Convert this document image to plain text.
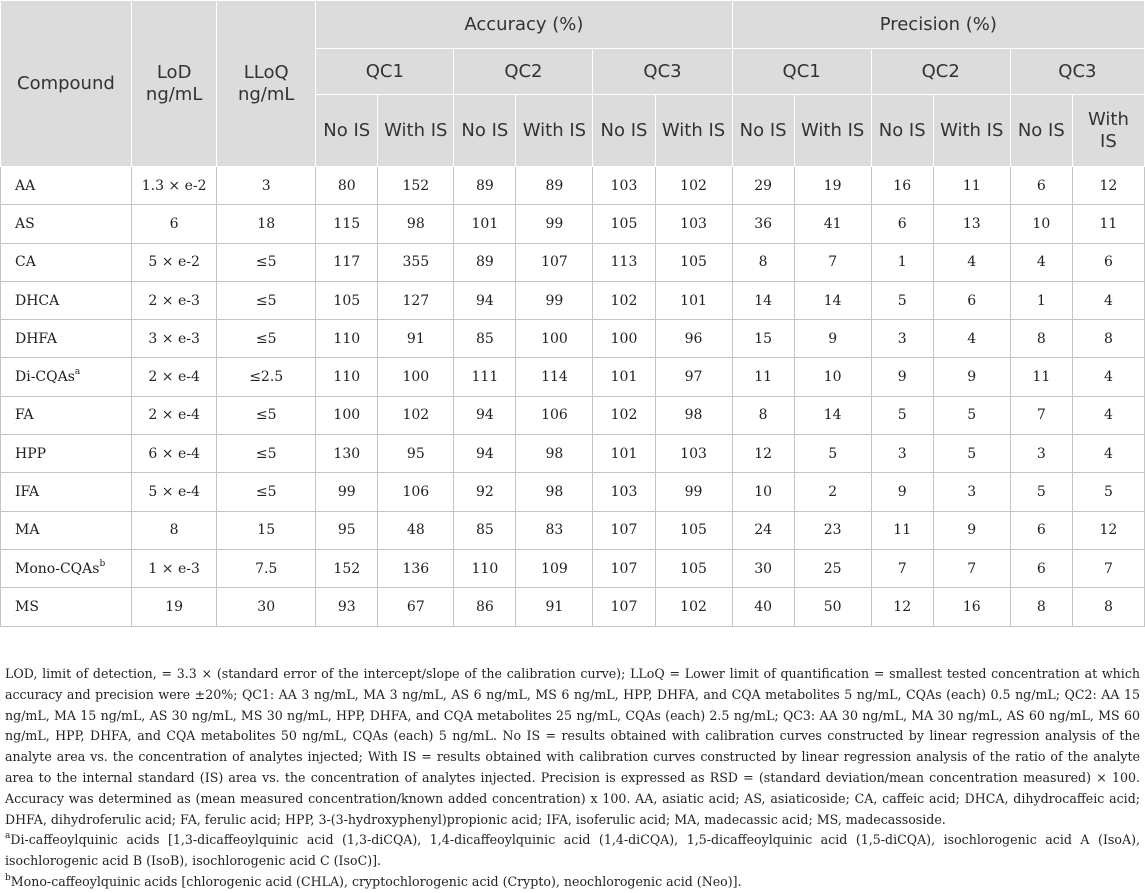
Compound	LoD ng/mL	LLoQ ng/mL	Accuracy (%)						Precision (%)					
			QC1		QC2		QC3		QC1		QC2		QC3	
			No IS	With IS	No IS	With IS	No IS	With IS	No IS	With IS	No IS	With IS	No IS	With IS
AA	1.3 × e-2	3	80	152	89	89	103	102	29	19	16	11	6	12
AS	6	18	115	98	101	99	105	103	36	41	6	13	10	11
CA	5 × e-2	≤5	117	355	89	107	113	105	8	7	1	4	4	6
DHCA	2 × e-3	≤5	105	127	94	99	102	101	14	14	5	6	1	4
DHFA	3 × e-3	≤5	110	91	85	100	100	96	15	9	3	4	8	8
Di-CQAs$^a$	2 × e-4	≤2.5	110	100	111	114	101	97	11	10	9	9	11	4
FA	2 × e-4	≤5	100	102	94	106	102	98	8	14	5	5	7	4
HPP	6 × e-4	≤5	130	95	94	98	101	103	12	5	3	5	3	4
IFA	5 × e-4	≤5	99	106	92	98	103	99	10	2	9	3	5	5
MA	8	15	95	48	85	83	107	105	24	23	11	9	6	12
Mono-CQAs$^b$	1 × e-3	7.5	152	136	110	109	107	105	30	25	7	7	6	7
MS	19	30	93	67	86	91	107	102	40	50	12	16	8	8

LOD, limit of detection, = 3.3 × (standard error of the intercept/slope of the calibration curve); LLoQ = Lower limit of quantification = smallest tested concentration at which accuracy and precision were ±20%; QC1: AA 3 ng/mL, MA 3 ng/mL, AS 6 ng/mL, MS 6 ng/mL, HPP, DHFA, and CQA metabolites 5 ng/mL, CQAs (each) 0.5 ng/mL; QC2: AA 15 ng/mL, MA 15 ng/mL, AS 30 ng/mL, MS 30 ng/mL, HPP, DHFA, and CQA metabolites 25 ng/mL, CQAs (each) 2.5 ng/mL; QC3: AA 30 ng/mL, MA 30 ng/mL, AS 60 ng/mL, MS 60 ng/mL, HPP, DHFA, and CQA metabolites 50 ng/mL, CQAs (each) 5 ng/mL. No IS = results obtained with calibration curves constructed by linear regression analysis of the analyte area vs. the concentration of analytes injected; With IS = results obtained with calibration curves constructed by linear regression analysis of the ratio of the analyte area to the internal standard (IS) area vs. the concentration of analytes injected. Precision is expressed as RSD = (standard deviation/mean concentration measured) × 100. Accuracy was determined as (mean measured concentration/known added concentration) x 100. AA, asiatic acid; AS, asiaticoside; CA, caffeic acid; DHCA, dihydrocaffeic acid; DHFA, dihydroferulic acid; FA, ferulic acid; HPP, 3-(3-hydroxyphenyl)propionic acid; IFA, isoferulic acid; MA, madecassic acid; MS, madecassoside.

$^a$Di-caffeoylquinic acids [1,3-dicaffeoylquinic acid (1,3-diCQA), 1,4-dicaffeoylquinic acid (1,4-diCQA), 1,5-dicaffeoylquinic acid (1,5-diCQA), isochlorogenic acid A (IsoA), isochlorogenic acid B (IsoB), isochlorogenic acid C (IsoC)].

$^b$Mono-caffeoylquinic acids [chlorogenic acid (CHLA), cryptochlorogenic acid (Crypto), neochlorogenic acid (Neo)].
